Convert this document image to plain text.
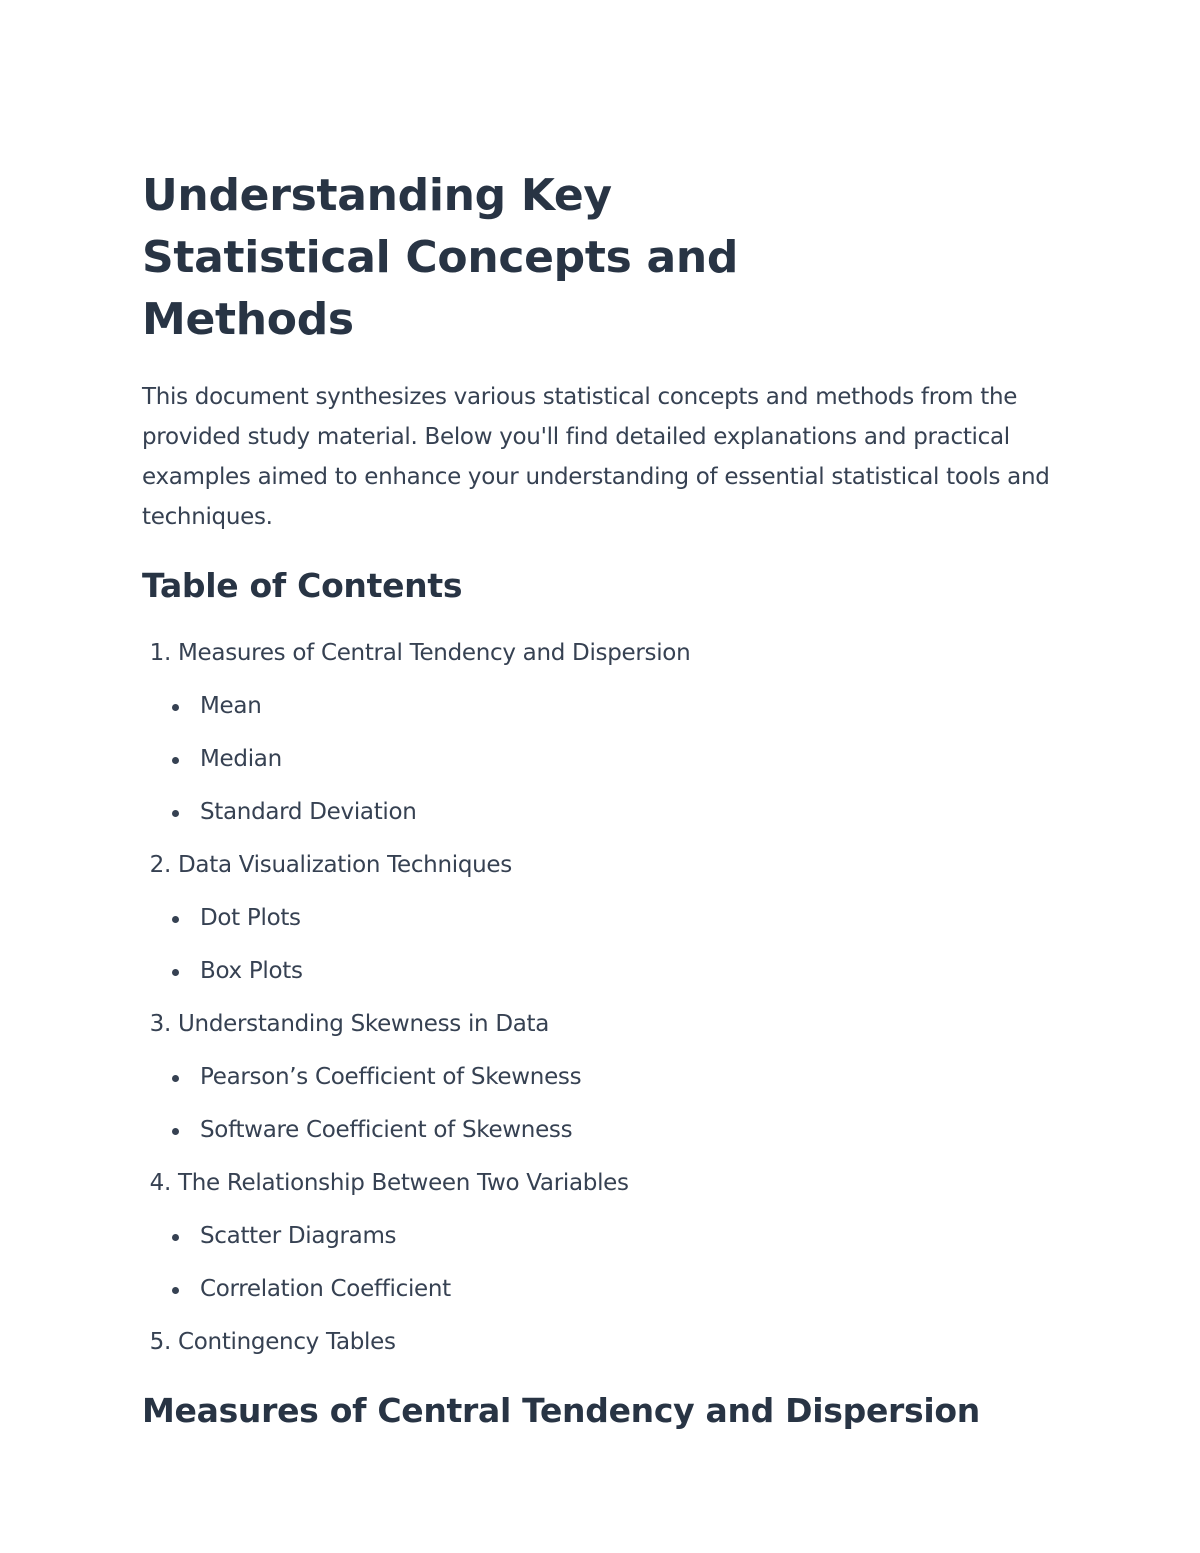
Understanding Key Statistical Concepts and Methods

This document synthesizes various statistical concepts and methods from the provided study material. Below you'll find detailed explanations and practical examples aimed to enhance your understanding of essential statistical tools and techniques.

Table of Contents
1. Measures of Central Tendency and Dispersion
Mean
Median
Standard Deviation
2. Data Visualization Techniques
Dot Plots
Box Plots
3. Understanding Skewness in Data
Pearson’s Coefficient of Skewness
Software Coefficient of Skewness
4. The Relationship Between Two Variables
Scatter Diagrams
Correlation Coefficient
5. Contingency Tables
Measures of Central Tendency and Dispersion
